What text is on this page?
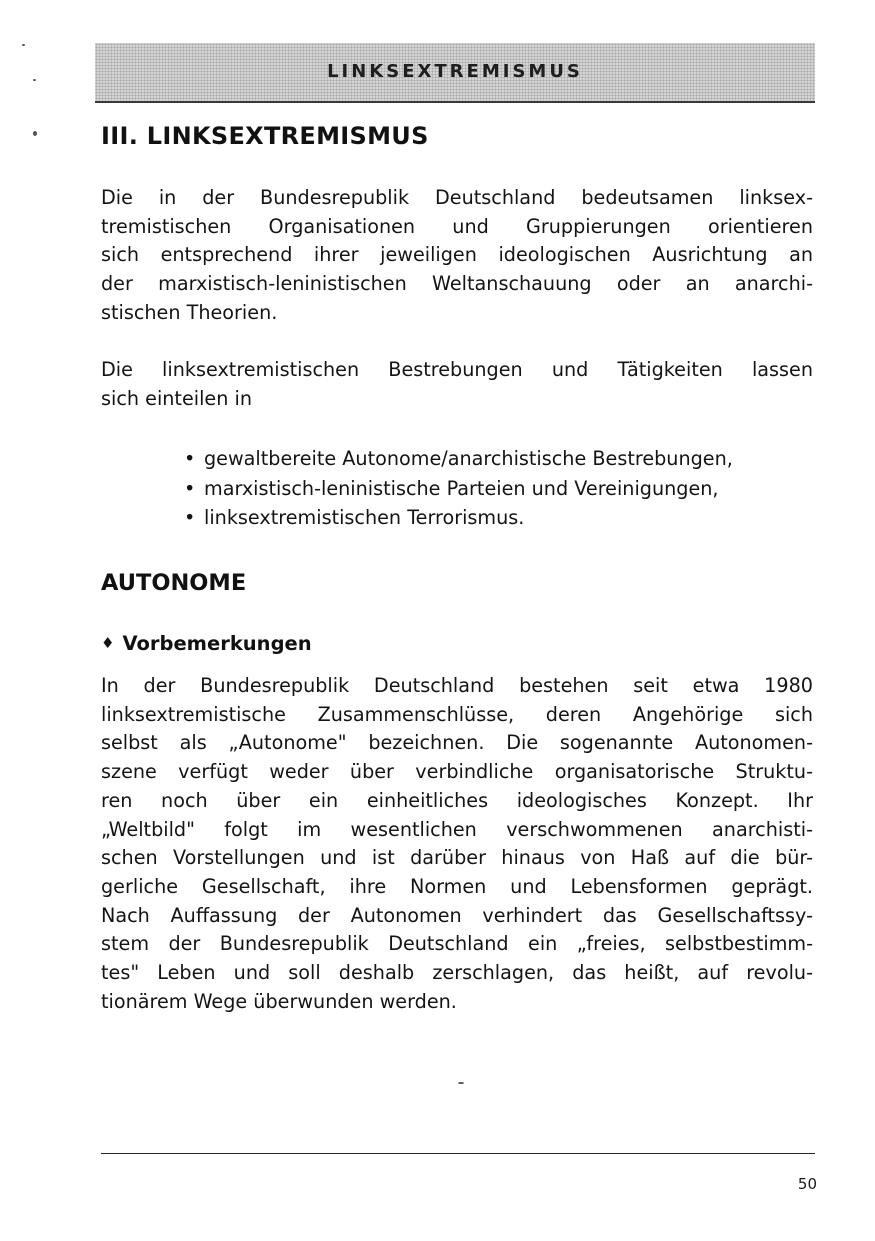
LINKSEXTREMISMUS
III. LINKSEXTREMISMUS
Die in der Bundesrepublik Deutschland bedeutsamen linksex-
tremistischen Organisationen und Gruppierungen orientieren
sich entsprechend ihrer jeweiligen ideologischen Ausrichtung an
der marxistisch-leninistischen Weltanschauung oder an anarchi-
stischen Theorien.
Die linksextremistischen Bestrebungen und Tätigkeiten lassen
sich einteilen in
• gewaltbereite Autonome/anarchistische Bestrebungen,
• marxistisch-leninistische Parteien und Vereinigungen,
• linksextremistischen Terrorismus.
AUTONOME
♦ Vorbemerkungen
In der Bundesrepublik Deutschland bestehen seit etwa 1980
linksextremistische Zusammenschlüsse, deren Angehörige sich
selbst als „Autonome" bezeichnen. Die sogenannte Autonomen-
szene verfügt weder über verbindliche organisatorische Struktu-
ren noch über ein einheitliches ideologisches Konzept. Ihr
„Weltbild" folgt im wesentlichen verschwommenen anarchisti-
schen Vorstellungen und ist darüber hinaus von Haß auf die bür-
gerliche Gesellschaft, ihre Normen und Lebensformen geprägt.
Nach Auffassung der Autonomen verhindert das Gesellschaftssy-
stem der Bundesrepublik Deutschland ein „freies, selbstbestimm-
tes" Leben und soll deshalb zerschlagen, das heißt, auf revolu-
tionärem Wege überwunden werden.
50
